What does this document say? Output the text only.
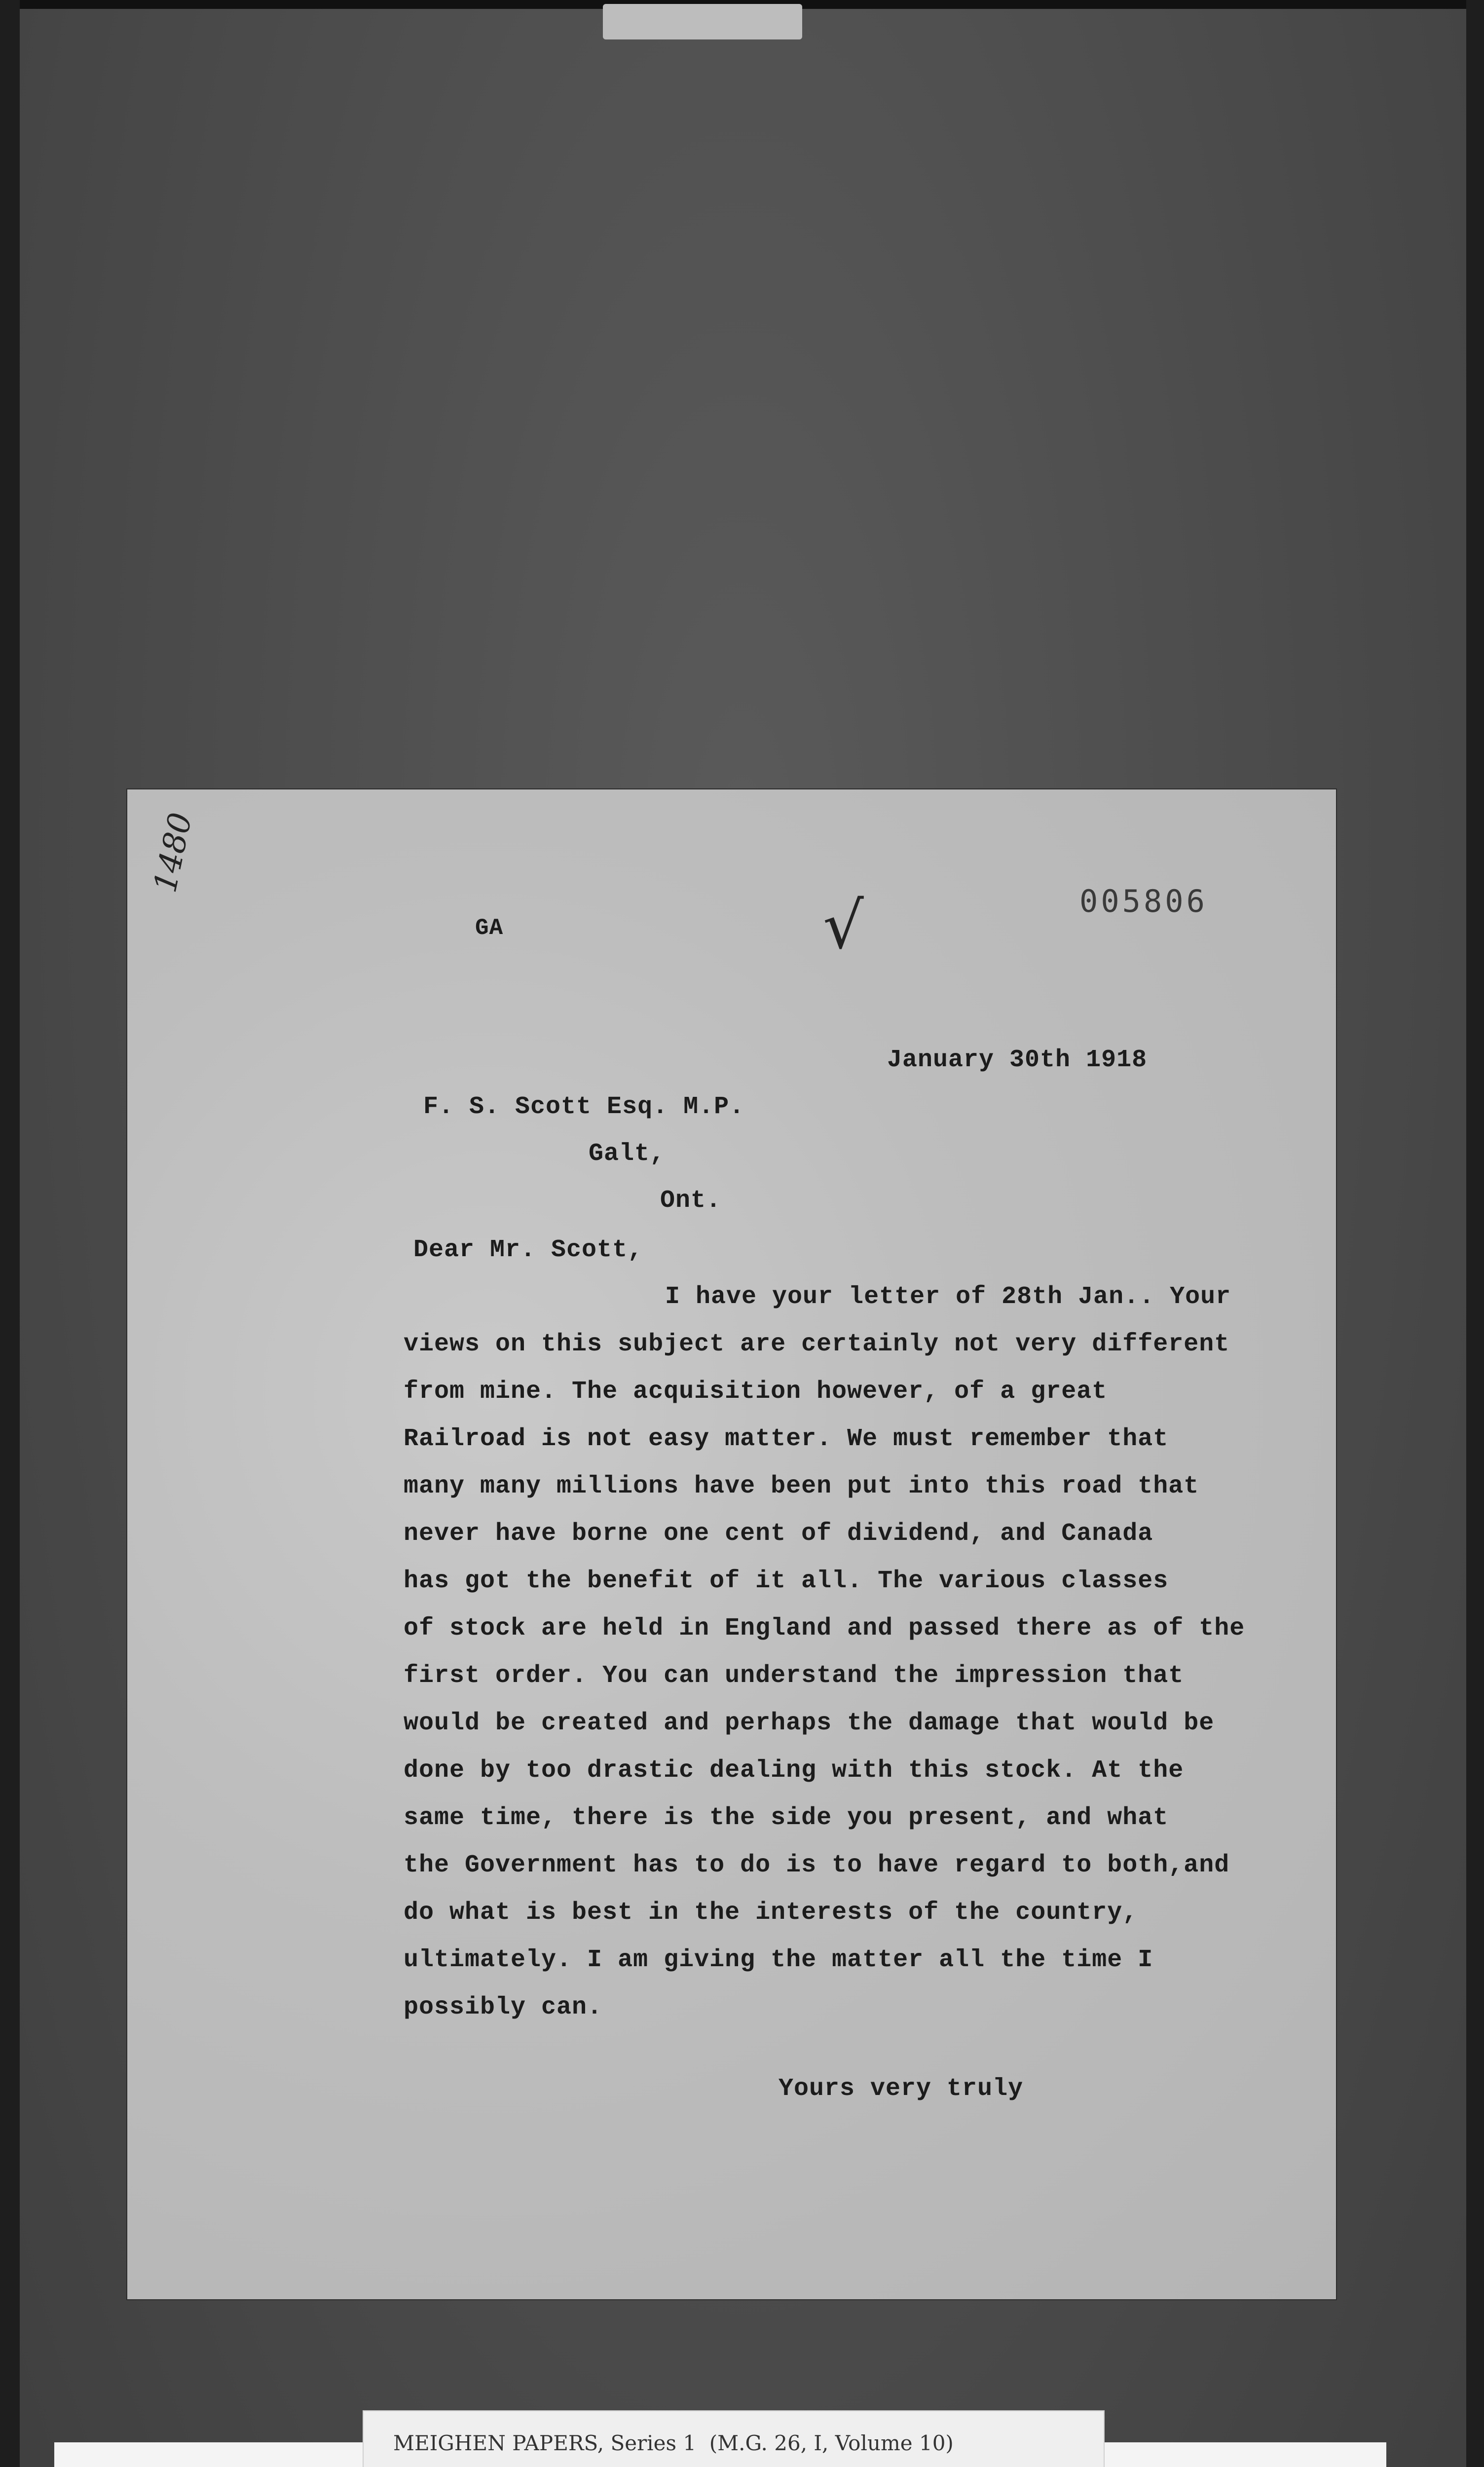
1480
GA	√	005806
January 30th 1918
F. S. Scott Esq. M.P.
Galt,
Ont.
Dear Mr. Scott,
I have your letter of 28th Jan.. Your
views on this subject are certainly not very different
from mine. The acquisition however, of a great
Railroad is not easy matter. We must remember that
many many millions have been put into this road that
never have borne one cent of dividend, and Canada
has got the benefit of it all. The various classes
of stock are held in England and passed there as of the
first order. You can understand the impression that
would be created and perhaps the damage that would be
done by too drastic dealing with this stock. At the
same time, there is the side you present, and what
the Government has to do is to have regard to both,and
do what is best in the interests of the country,
ultimately. I am giving the matter all the time I
possibly can.
Yours very truly
MEIGHEN PAPERS, Series 1  (M.G. 26, I, Volume 10)
